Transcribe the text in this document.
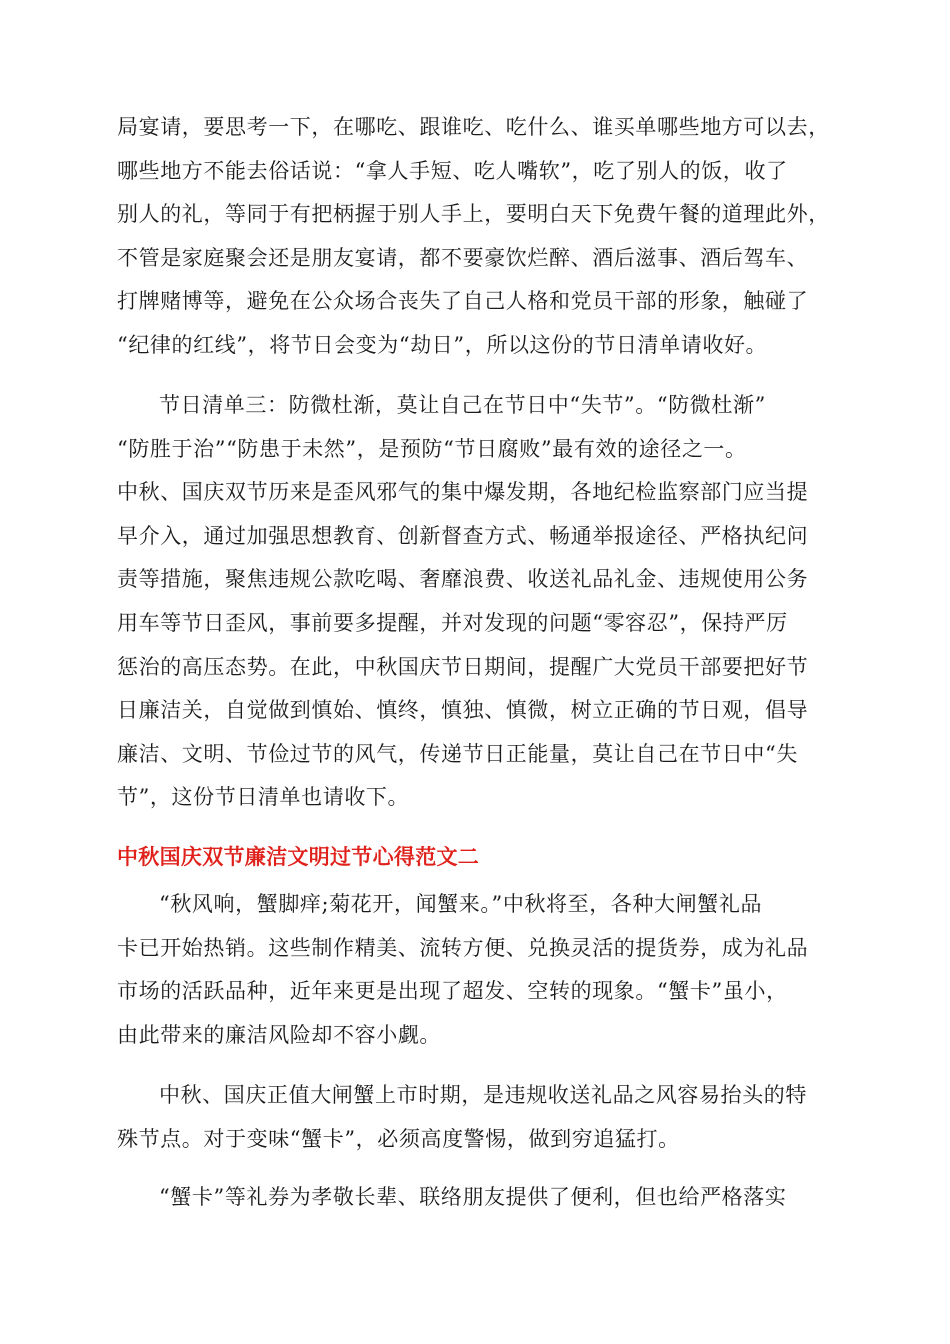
局宴请，要思考一下，在哪吃、跟谁吃、吃什么、谁买单哪些地方可以去，
哪些地方不能去俗话说：“拿人手短、吃人嘴软”，吃了别人的饭，收了
别人的礼，等同于有把柄握于别人手上，要明白天下免费午餐的道理此外，
不管是家庭聚会还是朋友宴请，都不要豪饮烂醉、酒后滋事、酒后驾车、
打牌赌博等，避免在公众场合丧失了自己人格和党员干部的形象，触碰了
“纪律的红线”，将节日会变为“劫日”，所以这份的节日清单请收好。
节日清单三：防微杜渐，莫让自己在节日中“失节”。“防微杜渐”
“防胜于治”“防患于未然”，是预防“节日腐败”最有效的途径之一。
中秋、国庆双节历来是歪风邪气的集中爆发期，各地纪检监察部门应当提
早介入，通过加强思想教育、创新督查方式、畅通举报途径、严格执纪问
责等措施，聚焦违规公款吃喝、奢靡浪费、收送礼品礼金、违规使用公务
用车等节日歪风，事前要多提醒，并对发现的问题“零容忍”，保持严厉
惩治的高压态势。在此，中秋国庆节日期间，提醒广大党员干部要把好节
日廉洁关，自觉做到慎始、慎终，慎独、慎微，树立正确的节日观，倡导
廉洁、文明、节俭过节的风气，传递节日正能量，莫让自己在节日中“失
节”，这份节日清单也请收下。
中秋国庆双节廉洁文明过节心得范文二
“秋风响，蟹脚痒;菊花开，闻蟹来。”中秋将至，各种大闸蟹礼品
卡已开始热销。这些制作精美、流转方便、兑换灵活的提货券，成为礼品
市场的活跃品种，近年来更是出现了超发、空转的现象。“蟹卡”虽小，
由此带来的廉洁风险却不容小觑。
中秋、国庆正值大闸蟹上市时期，是违规收送礼品之风容易抬头的特
殊节点。对于变味“蟹卡”，必须高度警惕，做到穷追猛打。
“蟹卡”等礼券为孝敬长辈、联络朋友提供了便利，但也给严格落实
